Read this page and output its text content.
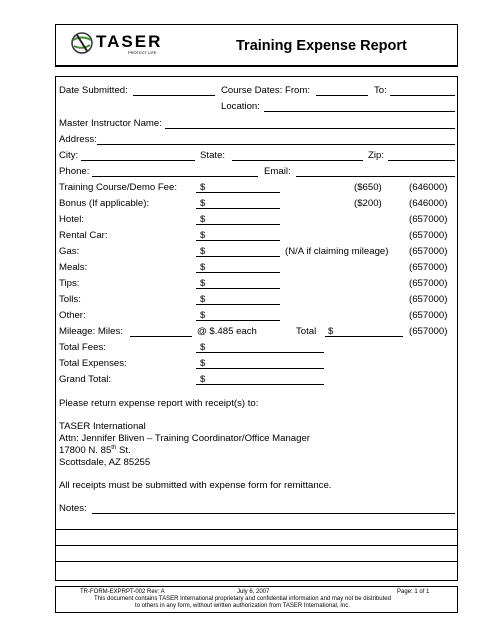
TASER
PROTECT LIFE	Training Expense Report
Date Submitted:	Course Dates: From:	To:
Location:
Master Instructor Name:
Address:
City:	State:	Zip:
Phone:	Email:
Training Course/Demo Fee: $	($650)	(646000)
Bonus (If applicable):	$	($200)	(646000)
Hotel:	$	(657000)
Rental Car:	$	(657000)
Gas:	$	(N/A if claiming mileage) (657000)
Meals:	$	(657000)
Tips:	$	(657000)
Tolls:	$	(657000)
Other:	$	(657000)
Mileage: Miles:	@ $.485 each	Total $	(657000)
Total Fees:	$
Total Expenses:	$
Grand Total:	$
Please return expense report with receipt(s) to:
TASER International
Attn: Jennifer Bliven – Training Coordinator/Office Manager
17800 N. 85th St.
Scottsdale, AZ 85255
All receipts must be submitted with expense form for remittance.
Notes:
TR-FORM-EXPRPT-002 Rev: A	July 6, 2007	Page: 1 of 1
This document contains TASER International proprietary and confidential information and may not be distributed
to others in any form, without written authorization from TASER International, Inc.
